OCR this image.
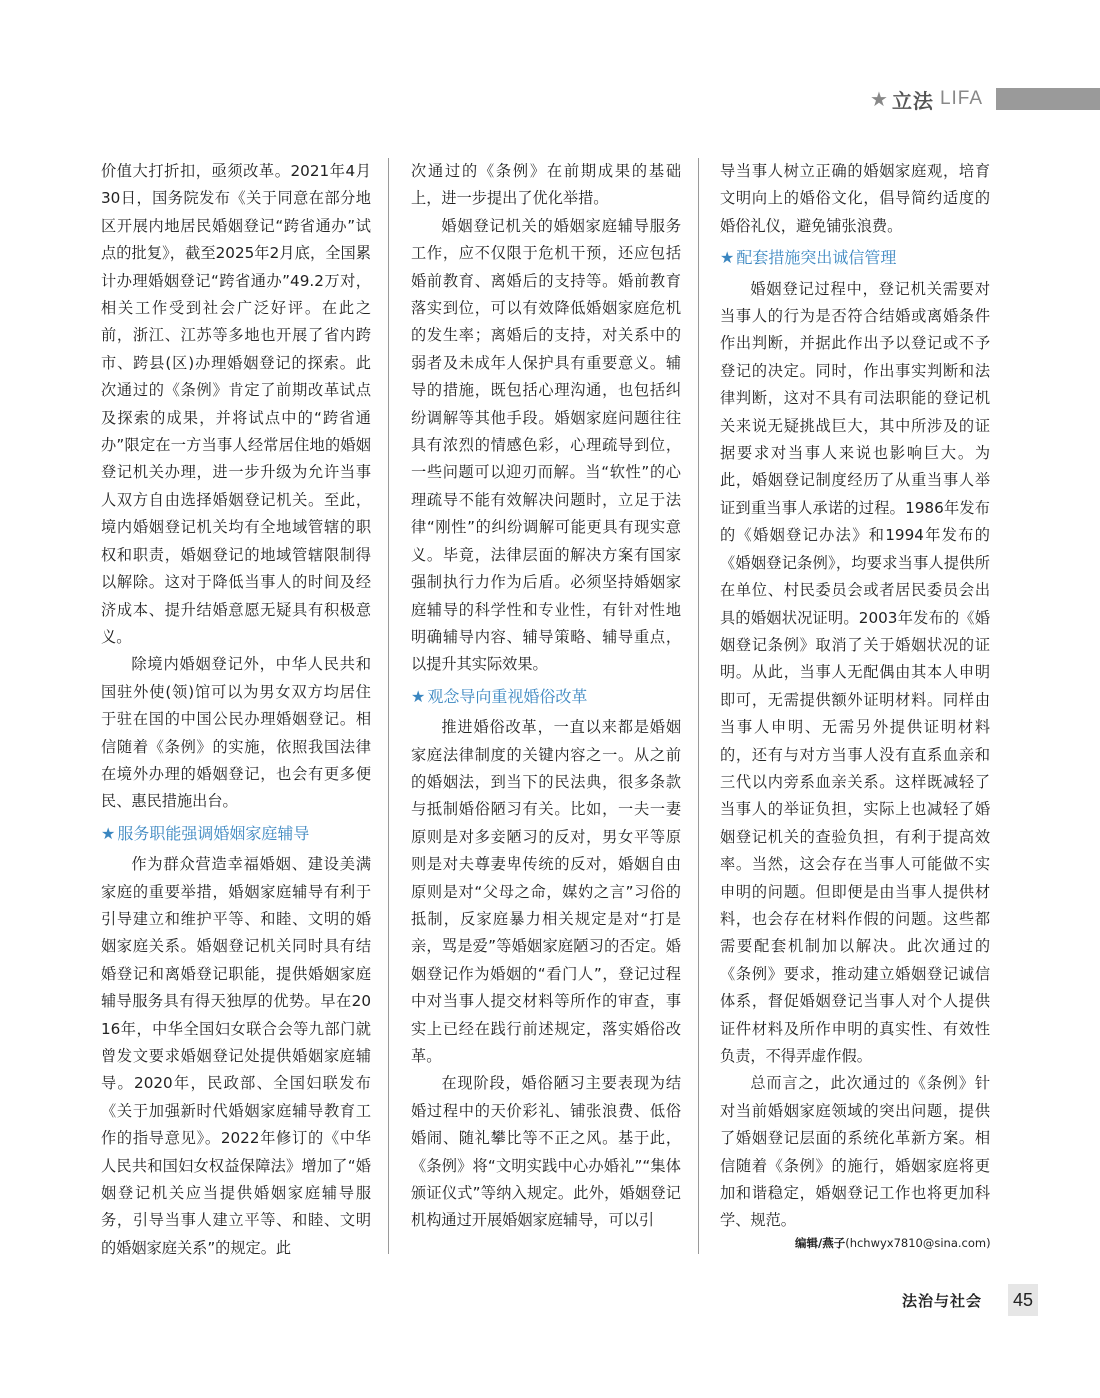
★ 立法 LIFA

价值大打折扣，亟须改革。2021年4月30日，国务院发布《关于同意在部分地区开展内地居民婚姻登记“跨省通办”试点的批复》，截至2025年2月底，全国累计办理婚姻登记“跨省通办”49.2万对，相关工作受到社会广泛好评。在此之前，浙江、江苏等多地也开展了省内跨市、跨县(区)办理婚姻登记的探索。此次通过的《条例》肯定了前期改革试点及探索的成果，并将试点中的“跨省通办”限定在一方当事人经常居住地的婚姻登记机关办理，进一步升级为允许当事人双方自由选择婚姻登记机关。至此，境内婚姻登记机关均有全地域管辖的职权和职责，婚姻登记的地域管辖限制得以解除。这对于降低当事人的时间及经济成本、提升结婚意愿无疑具有积极意义。

除境内婚姻登记外，中华人民共和国驻外使(领)馆可以为男女双方均居住于驻在国的中国公民办理婚姻登记。相信随着《条例》的实施，依照我国法律在境外办理的婚姻登记，也会有更多便民、惠民措施出台。

★ 服务职能强调婚姻家庭辅导

作为群众营造幸福婚姻、建设美满家庭的重要举措，婚姻家庭辅导有利于引导建立和维护平等、和睦、文明的婚姻家庭关系。婚姻登记机关同时具有结婚登记和离婚登记职能，提供婚姻家庭辅导服务具有得天独厚的优势。早在2016年，中华全国妇女联合会等九部门就曾发文要求婚姻登记处提供婚姻家庭辅导。2020年，民政部、全国妇联发布《关于加强新时代婚姻家庭辅导教育工作的指导意见》。2022年修订的《中华人民共和国妇女权益保障法》增加了“婚姻登记机关应当提供婚姻家庭辅导服务，引导当事人建立平等、和睦、文明的婚姻家庭关系”的规定。此

次通过的《条例》在前期成果的基础上，进一步提出了优化举措。

婚姻登记机关的婚姻家庭辅导服务工作，应不仅限于危机干预，还应包括婚前教育、离婚后的支持等。婚前教育落实到位，可以有效降低婚姻家庭危机的发生率；离婚后的支持，对关系中的弱者及未成年人保护具有重要意义。辅导的措施，既包括心理沟通，也包括纠纷调解等其他手段。婚姻家庭问题往往具有浓烈的情感色彩，心理疏导到位，一些问题可以迎刃而解。当“软性”的心理疏导不能有效解决问题时，立足于法律“刚性”的纠纷调解可能更具有现实意义。毕竟，法律层面的解决方案有国家强制执行力作为后盾。必须坚持婚姻家庭辅导的科学性和专业性，有针对性地明确辅导内容、辅导策略、辅导重点，以提升其实际效果。

★ 观念导向重视婚俗改革

推进婚俗改革，一直以来都是婚姻家庭法律制度的关键内容之一。从之前的婚姻法，到当下的民法典，很多条款与抵制婚俗陋习有关。比如，一夫一妻原则是对多妾陋习的反对，男女平等原则是对夫尊妻卑传统的反对，婚姻自由原则是对“父母之命，媒妁之言”习俗的抵制，反家庭暴力相关规定是对“打是亲，骂是爱”等婚姻家庭陋习的否定。婚姻登记作为婚姻的“看门人”，登记过程中对当事人提交材料等所作的审查，事实上已经在践行前述规定，落实婚俗改革。

在现阶段，婚俗陋习主要表现为结婚过程中的天价彩礼、铺张浪费、低俗婚闹、随礼攀比等不正之风。基于此，《条例》将“文明实践中心办婚礼”“集体颁证仪式”等纳入规定。此外，婚姻登记机构通过开展婚姻家庭辅导，可以引

导当事人树立正确的婚姻家庭观，培育文明向上的婚俗文化，倡导简约适度的婚俗礼仪，避免铺张浪费。

★ 配套措施突出诚信管理

婚姻登记过程中，登记机关需要对当事人的行为是否符合结婚或离婚条件作出判断，并据此作出予以登记或不予登记的决定。同时，作出事实判断和法律判断，这对不具有司法职能的登记机关来说无疑挑战巨大，其中所涉及的证据要求对当事人来说也影响巨大。为此，婚姻登记制度经历了从重当事人举证到重当事人承诺的过程。1986年发布的《婚姻登记办法》和1994年发布的《婚姻登记条例》，均要求当事人提供所在单位、村民委员会或者居民委员会出具的婚姻状况证明。2003年发布的《婚姻登记条例》取消了关于婚姻状况的证明。从此，当事人无配偶由其本人申明即可，无需提供额外证明材料。同样由当事人申明、无需另外提供证明材料的，还有与对方当事人没有直系血亲和三代以内旁系血亲关系。这样既减轻了当事人的举证负担，实际上也减轻了婚姻登记机关的查验负担，有利于提高效率。当然，这会存在当事人可能做不实申明的问题。但即便是由当事人提供材料，也会存在材料作假的问题。这些都需要配套机制加以解决。此次通过的《条例》要求，推动建立婚姻登记诚信体系，督促婚姻登记当事人对个人提供证件材料及所作申明的真实性、有效性负责，不得弄虚作假。

总而言之，此次通过的《条例》针对当前婚姻家庭领域的突出问题，提供了婚姻登记层面的系统化革新方案。相信随着《条例》的施行，婚姻家庭将更加和谐稳定，婚姻登记工作也将更加科学、规范。

编辑/燕子(hchwyx7810@sina.com)
法治与社会 45
